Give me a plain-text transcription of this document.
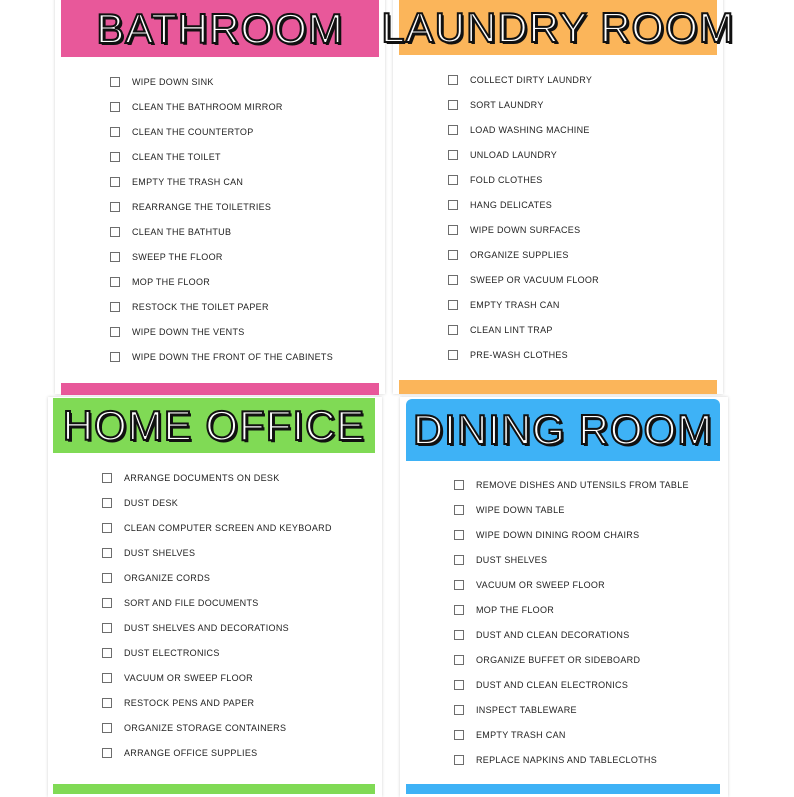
BATHROOM
WIPE DOWN SINK
CLEAN THE BATHROOM MIRROR
CLEAN THE COUNTERTOP
CLEAN THE TOILET
EMPTY THE TRASH CAN
REARRANGE THE TOILETRIES
CLEAN THE BATHTUB
SWEEP THE FLOOR
MOP THE FLOOR
RESTOCK THE TOILET PAPER
WIPE DOWN THE VENTS
WIPE DOWN THE FRONT OF THE CABINETS
LAUNDRY ROOM
COLLECT DIRTY LAUNDRY
SORT LAUNDRY
LOAD WASHING MACHINE
UNLOAD LAUNDRY
FOLD CLOTHES
HANG DELICATES
WIPE DOWN SURFACES
ORGANIZE SUPPLIES
SWEEP OR VACUUM FLOOR
EMPTY TRASH CAN
CLEAN LINT TRAP
PRE-WASH CLOTHES
HOME OFFICE
ARRANGE DOCUMENTS ON DESK
DUST DESK
CLEAN COMPUTER SCREEN AND KEYBOARD
DUST SHELVES
ORGANIZE CORDS
SORT AND FILE DOCUMENTS
DUST SHELVES AND DECORATIONS
DUST ELECTRONICS
VACUUM OR SWEEP FLOOR
RESTOCK PENS AND PAPER
ORGANIZE STORAGE CONTAINERS
ARRANGE OFFICE SUPPLIES
DINING ROOM
REMOVE DISHES AND UTENSILS FROM TABLE
WIPE DOWN TABLE
WIPE DOWN DINING ROOM CHAIRS
DUST SHELVES
VACUUM OR SWEEP FLOOR
MOP THE FLOOR
DUST AND CLEAN DECORATIONS
ORGANIZE BUFFET OR SIDEBOARD
DUST AND CLEAN ELECTRONICS
INSPECT TABLEWARE
EMPTY TRASH CAN
REPLACE NAPKINS AND TABLECLOTHS
